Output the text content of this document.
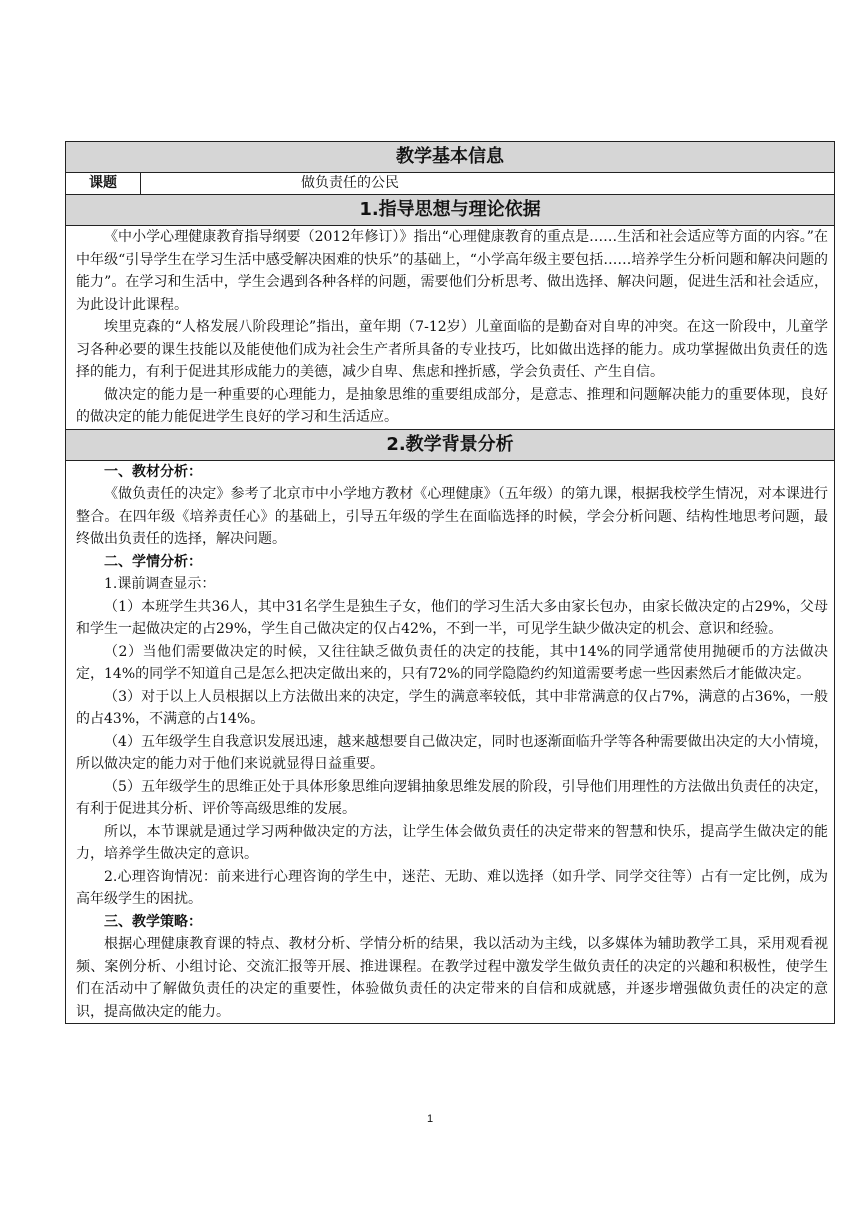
教学基本信息
课题	做负责任的公民
1.指导思想与理论依据

《中小学心理健康教育指导纲要（2012年修订）》指出“心理健康教育的重点是……生活和社会适应等方面的内容。”在中年级“引导学生在学习生活中感受解决困难的快乐”的基础上，“小学高年级主要包括……培养学生分析问题和解决问题的能力”。在学习和生活中，学生会遇到各种各样的问题，需要他们分析思考、做出选择、解决问题，促进生活和社会适应，为此设计此课程。

埃里克森的“人格发展八阶段理论”指出，童年期（7-12岁）儿童面临的是勤奋对自卑的冲突。在这一阶段中，儿童学习各种必要的课生技能以及能使他们成为社会生产者所具备的专业技巧，比如做出选择的能力。成功掌握做出负责任的选择的能力，有利于促进其形成能力的美德，减少自卑、焦虑和挫折感，学会负责任、产生自信。

做决定的能力是一种重要的心理能力，是抽象思维的重要组成部分，是意志、推理和问题解决能力的重要体现，良好的做决定的能力能促进学生良好的学习和生活适应。

2.教学背景分析

一、教材分析：

《做负责任的决定》参考了北京市中小学地方教材《心理健康》（五年级）的第九课，根据我校学生情况，对本课进行整合。在四年级《培养责任心》的基础上，引导五年级的学生在面临选择的时候，学会分析问题、结构性地思考问题，最终做出负责任的选择，解决问题。

二、学情分析：

1.课前调查显示：

（1）本班学生共36人，其中31名学生是独生子女，他们的学习生活大多由家长包办，由家长做决定的占29%，父母和学生一起做决定的占29%，学生自己做决定的仅占42%，不到一半，可见学生缺少做决定的机会、意识和经验。

（2）当他们需要做决定的时候，又往往缺乏做负责任的决定的技能，其中14%的同学通常使用抛硬币的方法做决定，14%的同学不知道自己是怎么把决定做出来的，只有72%的同学隐隐约约知道需要考虑一些因素然后才能做决定。

（3）对于以上人员根据以上方法做出来的决定，学生的满意率较低，其中非常满意的仅占7%，满意的占36%，一般的占43%，不满意的占14%。

（4）五年级学生自我意识发展迅速，越来越想要自己做决定，同时也逐渐面临升学等各种需要做出决定的大小情境，所以做决定的能力对于他们来说就显得日益重要。

（5）五年级学生的思维正处于具体形象思维向逻辑抽象思维发展的阶段，引导他们用理性的方法做出负责任的决定，有利于促进其分析、评价等高级思维的发展。

所以，本节课就是通过学习两种做决定的方法，让学生体会做负责任的决定带来的智慧和快乐，提高学生做决定的能力，培养学生做决定的意识。

2.心理咨询情况：前来进行心理咨询的学生中，迷茫、无助、难以选择（如升学、同学交往等）占有一定比例，成为高年级学生的困扰。

三、教学策略：

根据心理健康教育课的特点、教材分析、学情分析的结果，我以活动为主线，以多媒体为辅助教学工具，采用观看视频、案例分析、小组讨论、交流汇报等开展、推进课程。在教学过程中激发学生做负责任的决定的兴趣和积极性，使学生们在活动中了解做负责任的决定的重要性，体验做负责任的决定带来的自信和成就感，并逐步增强做负责任的决定的意识，提高做决定的能力。

1
